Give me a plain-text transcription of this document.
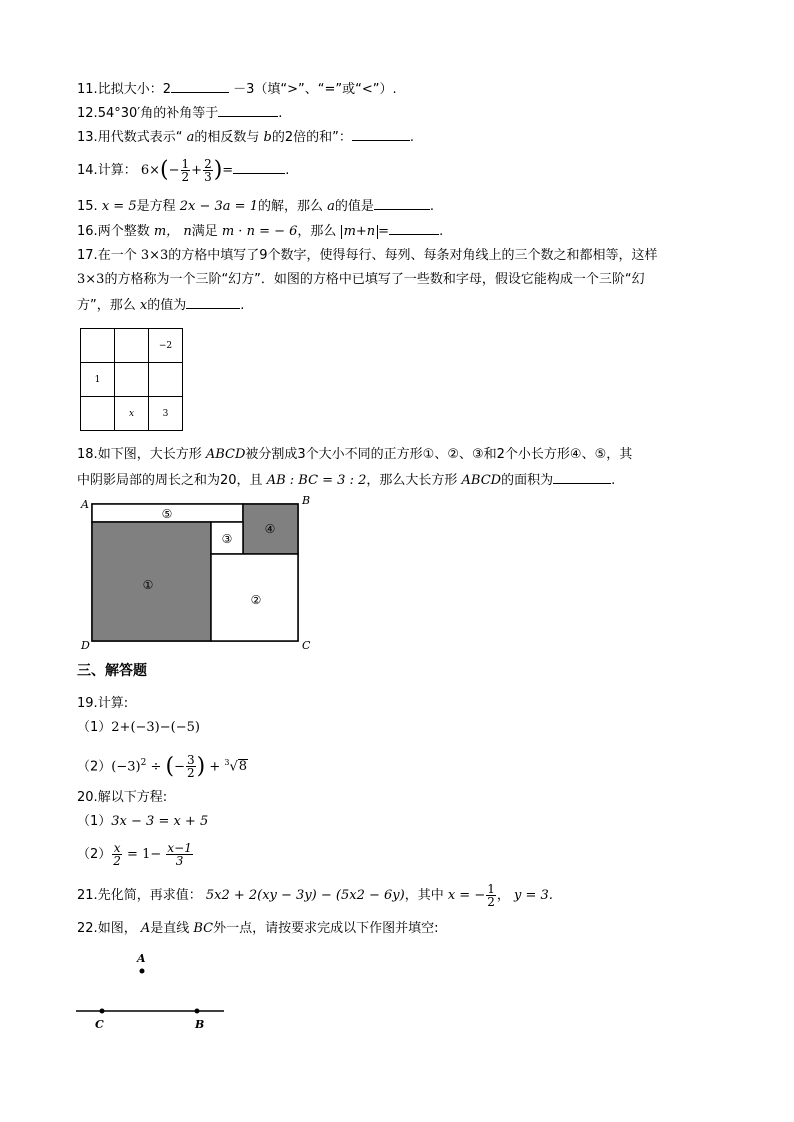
11.比拟大小：2	－3（填“>”、“=”或“<”）.
12.54°30′角的补角等于	.
13.用代数式表示“ a的相反数与 b的2倍的和”：	.
14.计算： $6\times(- \frac{1}{2} + \frac{2}{3}$ )=	.
15. x = 5是方程 2x − 3a = 1的解，那么 a的值是	.
16.两个整数 m， n满足 m · n = − 6，那么 m+n =	.
17.在一个 3×3的方格中填写了9个数字，使得每行、每列、每条对角线上的三个数之和都相等，这样
3×3的方格称为一个三阶“幻方”．如图的方格中已填写了一些数和字母，假设它能构成一个三阶“幻
方”，那么 x的值为	.
		−2
1		
	x	3
18.如下图，大长方形 ABCD被分割成3个大小不同的正方形①、②、③和2个小长方形④、⑤，其
中阴影局部的周长之和为20，且 AB : BC = 3 : 2，那么大长方形 ABCD的面积为	.
A	B
C
D
⑤
④
③
①
②
三、解答题
19.计算:
（1）2+(−3)−(−5)
$(2)(-3)^2$ ÷ (− $\frac{3}{2}$ ) + $^3$√8
20.解以下方程:
（1）3x − 3 = x + 5
$(2) \frac{x}{2} = 1- \frac{x-1}{3}$
21.先化简，再求值： 5x2 + 2(xy − 3y) − (5x2 − 6y)，其中 x = − $\frac{1}{2}$ ， y = 3.
22.如图， A是直线 BC外一点，请按要求完成以下作图并填空:
A
C	B
